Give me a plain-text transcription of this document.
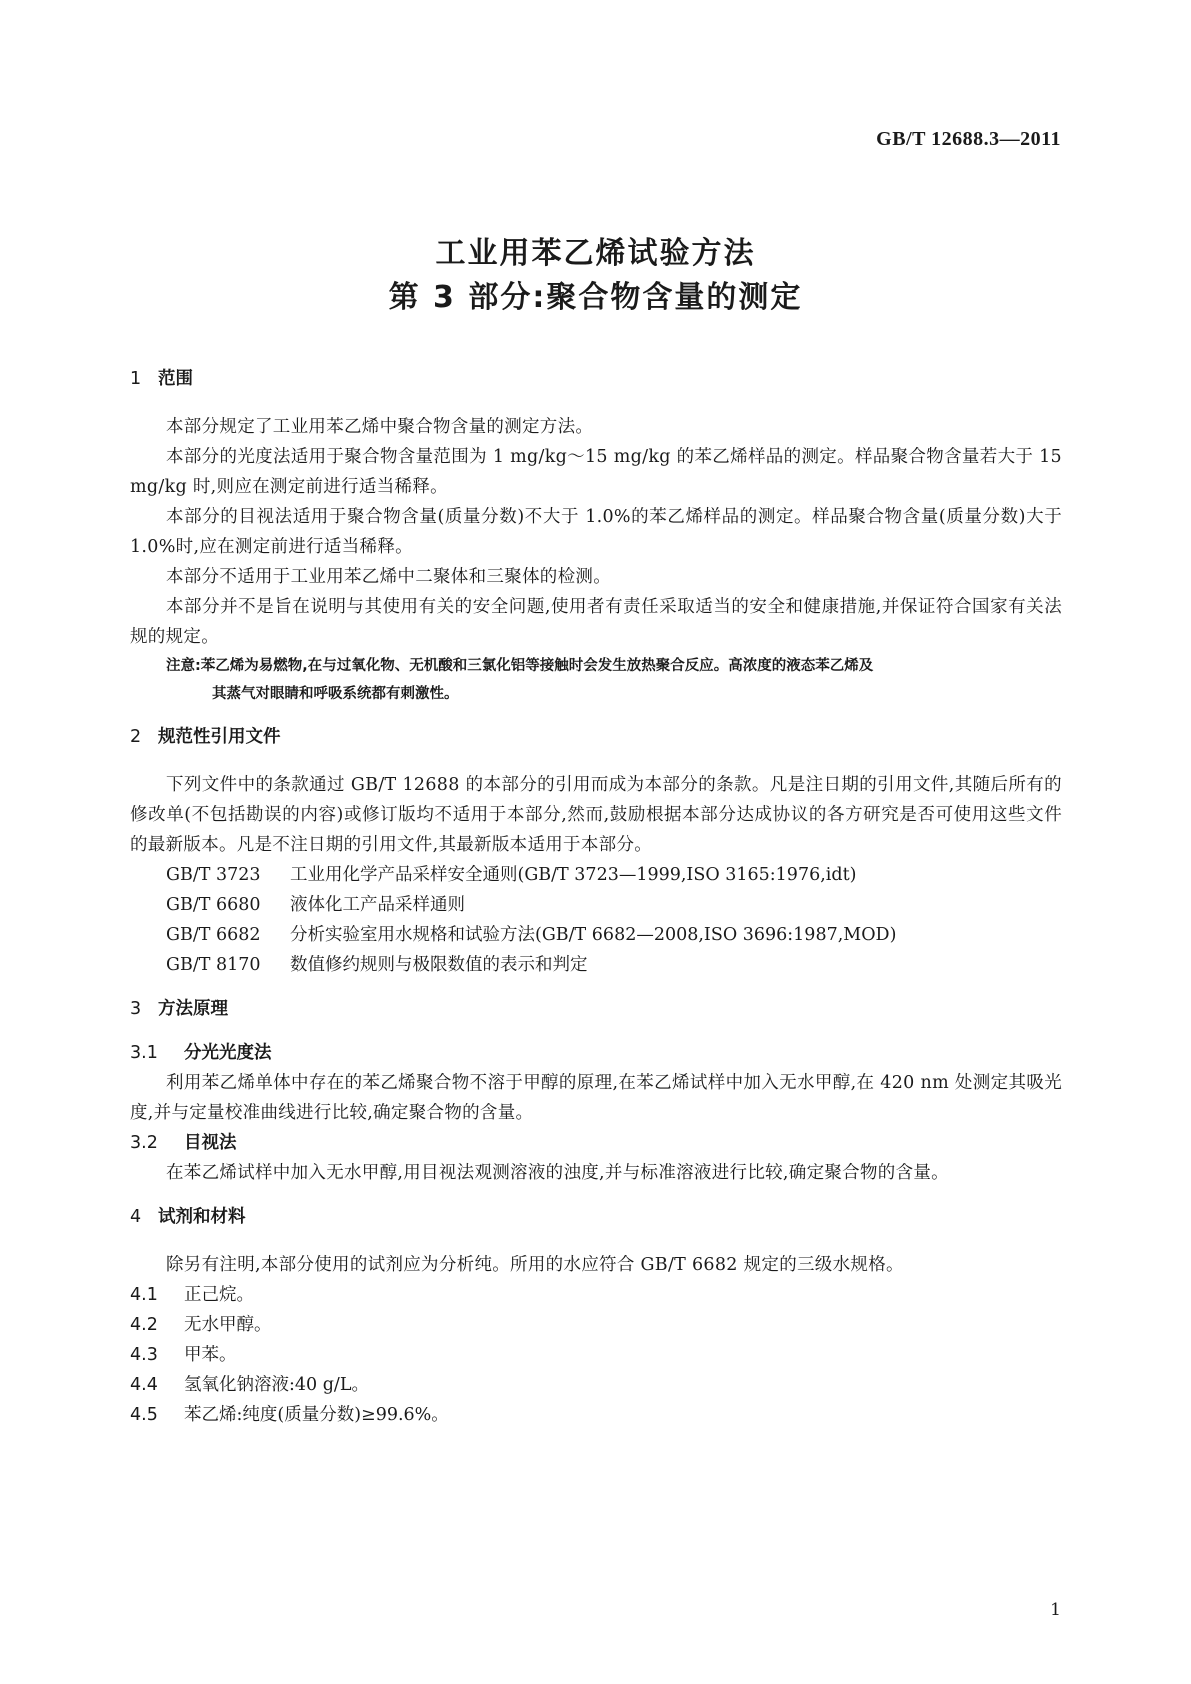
GB/T 12688.3—2011
工业用苯乙烯试验方法
第 3 部分:聚合物含量的测定
1 范围

本部分规定了工业用苯乙烯中聚合物含量的测定方法。

本部分的光度法适用于聚合物含量范围为 1 mg/kg～15 mg/kg 的苯乙烯样品的测定。样品聚合物含量若大于 15 mg/kg 时,则应在测定前进行适当稀释。

本部分的目视法适用于聚合物含量(质量分数)不大于 1.0%的苯乙烯样品的测定。样品聚合物含量(质量分数)大于 1.0%时,应在测定前进行适当稀释。

本部分不适用于工业用苯乙烯中二聚体和三聚体的检测。

本部分并不是旨在说明与其使用有关的安全问题,使用者有责任采取适当的安全和健康措施,并保证符合国家有关法规的规定。

注意:苯乙烯为易燃物,在与过氧化物、无机酸和三氯化铝等接触时会发生放热聚合反应。高浓度的液态苯乙烯及
其蒸气对眼睛和呼吸系统都有刺激性。
2 规范性引用文件

下列文件中的条款通过 GB/T 12688 的本部分的引用而成为本部分的条款。凡是注日期的引用文件,其随后所有的修改单(不包括勘误的内容)或修订版均不适用于本部分,然而,鼓励根据本部分达成协议的各方研究是否可使用这些文件的最新版本。凡是不注日期的引用文件,其最新版本适用于本部分。

GB/T 3723 工业用化学产品采样安全通则(GB/T 3723—1999,ISO 3165:1976,idt)
GB/T 6680 液体化工产品采样通则
GB/T 6682 分析实验室用水规格和试验方法(GB/T 6682—2008,ISO 3696:1987,MOD)
GB/T 8170 数值修约规则与极限数值的表示和判定
3 方法原理
3.1 分光光度法

利用苯乙烯单体中存在的苯乙烯聚合物不溶于甲醇的原理,在苯乙烯试样中加入无水甲醇,在 420 nm 处测定其吸光度,并与定量校准曲线进行比较,确定聚合物的含量。

3.2 目视法

在苯乙烯试样中加入无水甲醇,用目视法观测溶液的浊度,并与标准溶液进行比较,确定聚合物的含量。

4 试剂和材料

除另有注明,本部分使用的试剂应为分析纯。所用的水应符合 GB/T 6682 规定的三级水规格。

4.1 正己烷。
4.2 无水甲醇。
4.3 甲苯。
4.4 氢氧化钠溶液:40 g/L。
4.5 苯乙烯:纯度(质量分数)≥99.6%。
1
